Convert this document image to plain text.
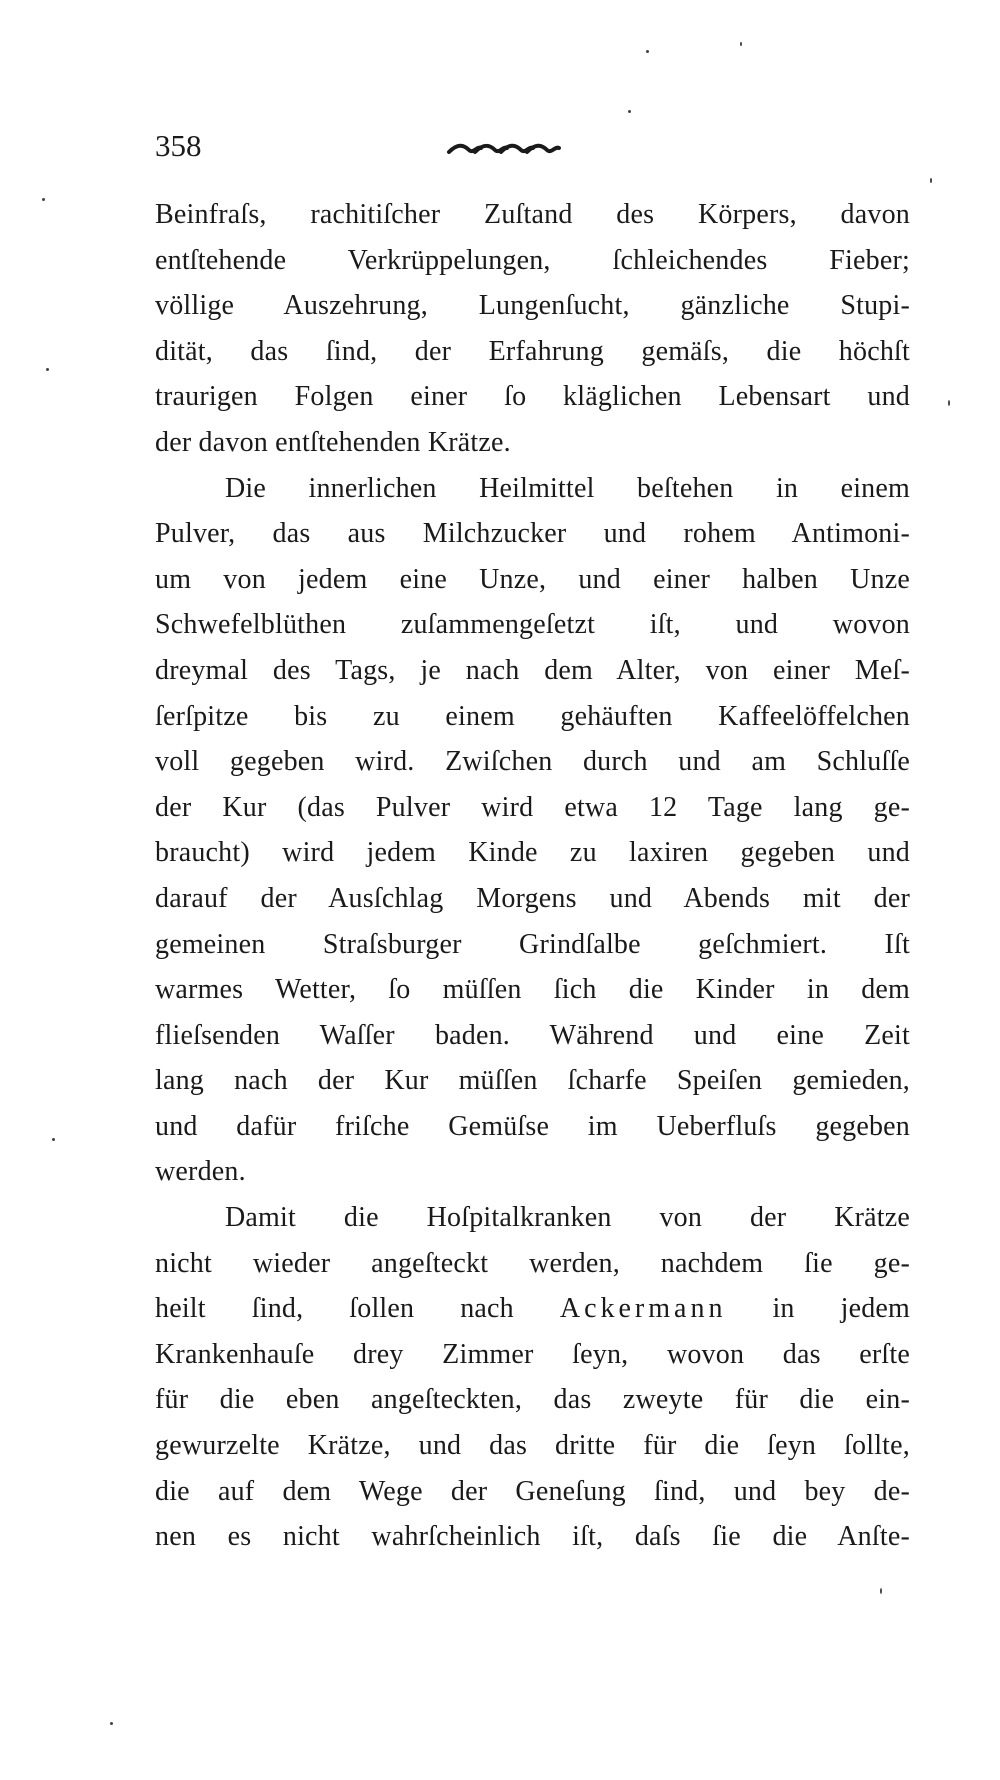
358
Beinfraſs, rachitiſcher Zuſtand des Körpers, davon
entſtehende Verkrüppelungen, ſchleichendes Fieber;
völlige Auszehrung, Lungenſucht, gänzliche Stupi-
dität, das ſind, der Erfahrung gemäſs, die höchſt
traurigen Folgen einer ſo kläglichen Lebensart und
der davon entſtehenden Krätze.
Die innerlichen Heilmittel beſtehen in einem
Pulver, das aus Milchzucker und rohem Antimoni-
um von jedem eine Unze, und einer halben Unze
Schwefelblüthen zuſammengeſetzt iſt, und wovon
dreymal des Tags, je nach dem Alter, von einer Meſ-
ſerſpitze bis zu einem gehäuften Kaffeelöffelchen
voll gegeben wird. Zwiſchen durch und am Schluſſe
der Kur (das Pulver wird etwa 12 Tage lang ge-
braucht) wird jedem Kinde zu laxiren gegeben und
darauf der Ausſchlag Morgens und Abends mit der
gemeinen Straſsburger Grindſalbe geſchmiert. Iſt
warmes Wetter, ſo müſſen ſich die Kinder in dem
flieſsenden Waſſer baden. Während und eine Zeit
lang nach der Kur müſſen ſcharfe Speiſen gemieden,
und dafür friſche Gemüſse im Ueberfluſs gegeben
werden.
Damit die Hoſpitalkranken von der Krätze
nicht wieder angeſteckt werden, nachdem ſie ge-
heilt ſind, ſollen nach Ackermann in jedem
Krankenhauſe drey Zimmer ſeyn, wovon das erſte
für die eben angeſteckten, das zweyte für die ein-
gewurzelte Krätze, und das dritte für die ſeyn ſollte,
die auf dem Wege der Geneſung ſind, und bey de-
nen es nicht wahrſcheinlich iſt, daſs ſie die Anſte-
